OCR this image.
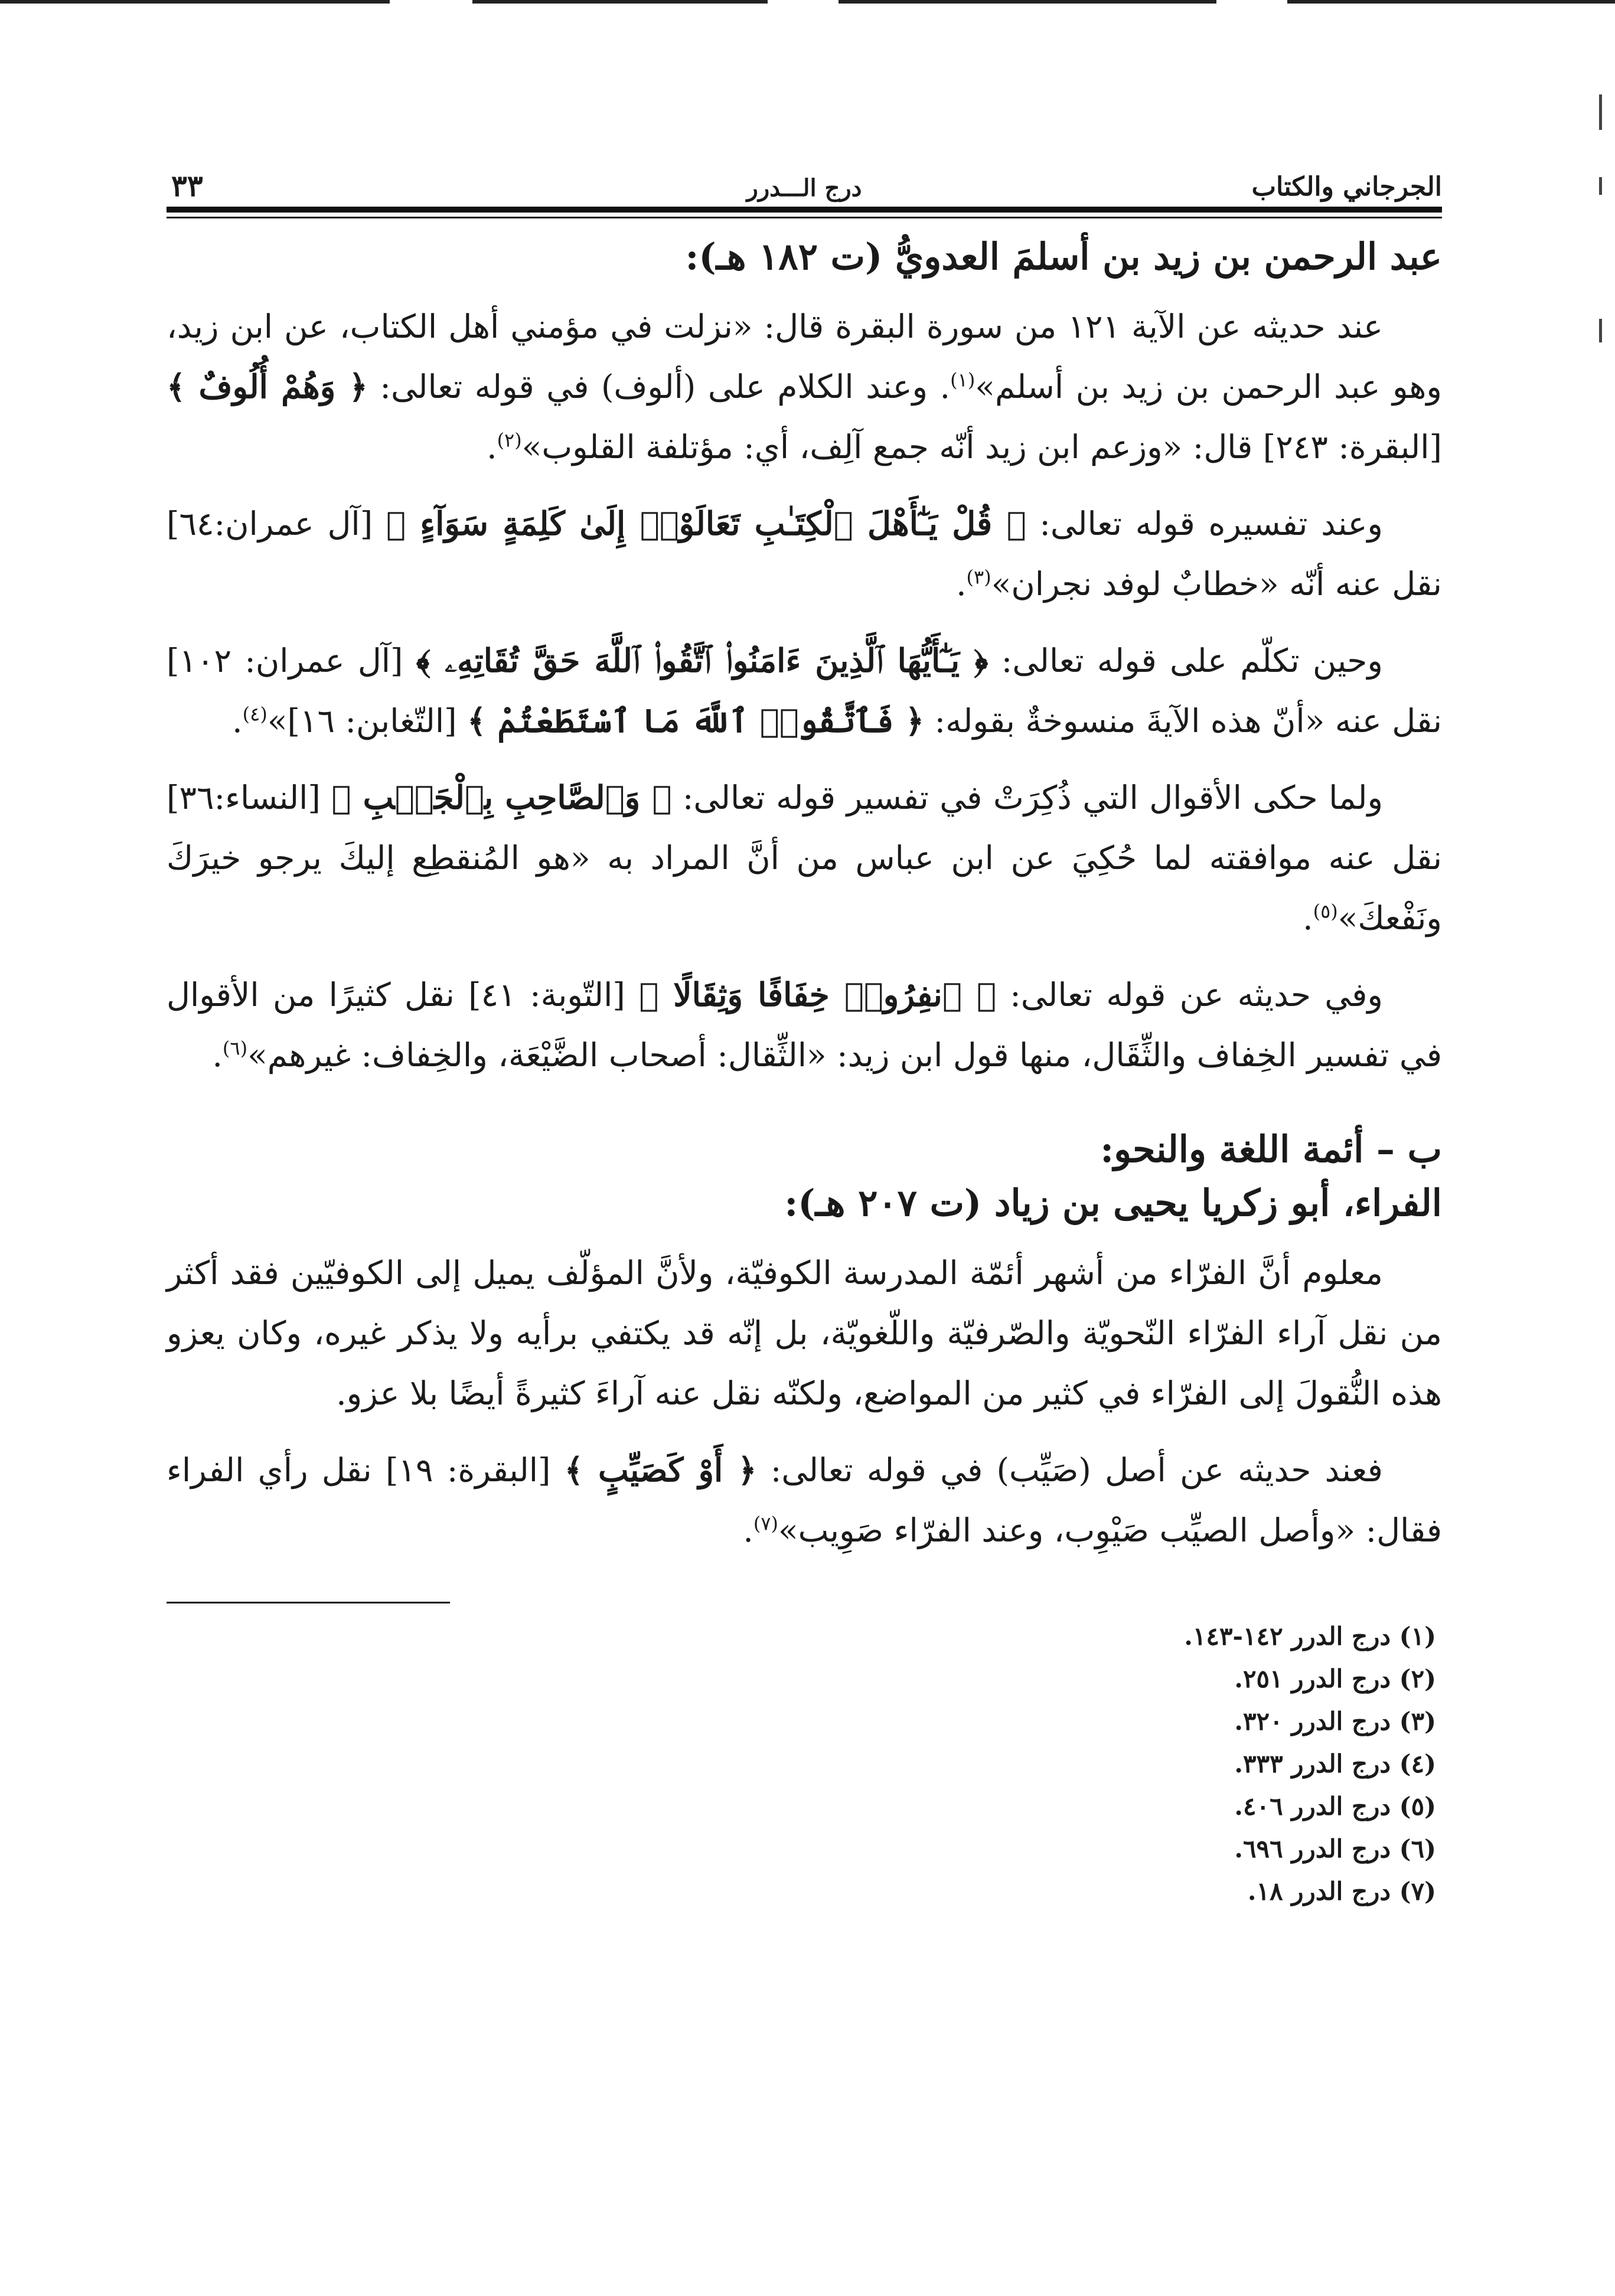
الجرجاني والكتاب
درج الـــدرر
٣٣
عبد الرحمن بن زيد بن أسلمَ العدويُّ (ت ١٨٢ هـ):

عند حديثه عن الآية ١٢١ من سورة البقرة قال: «نزلت في مؤمني أهل الكتاب، عن ابن زيد، وهو عبد الرحمن بن زيد بن أسلم»$^{(١)}$. وعند الكلام على (ألوف) في قوله تعالى: ﴿ وَهُمْ أُلُوفٌ ﴾ [البقرة: ٢٤٣] قال: «وزعم ابن زيد أنّه جمع آلِف، أي: مؤتلفة القلوب»$^{(٢)}$.

وعند تفسيره قوله تعالى: ﴿ قُلْ يَـٰٓأَهْلَ ٱلْكِتَـٰبِ تَعَالَوْا۟ إِلَىٰ كَلِمَةٍ سَوَآءٍ ﴾ [آل عمران:٦٤] نقل عنه أنّه «خطابٌ لوفد نجران»$^{(٣)}$.

وحين تكلّم على قوله تعالى: ﴿ يَـٰٓأَيُّهَا ٱلَّذِينَ ءَامَنُوا۟ ٱتَّقُوا۟ ٱللَّهَ حَقَّ تُقَاتِهِۦ ﴾ [آل عمران: ١٠٢] نقل عنه «أنّ هذه الآيةَ منسوخةٌ بقوله: ﴿ فَٱتَّقُوا۟ ٱللَّهَ مَا ٱسْتَطَعْتُمْ ﴾ [التّغابن: ١٦]»$^{(٤)}$.

ولما حكى الأقوال التي ذُكِرَتْ في تفسير قوله تعالى: ﴿ وَٱلصَّاحِبِ بِٱلْجَنۢبِ ﴾ [النساء:٣٦] نقل عنه موافقته لما حُكِيَ عن ابن عباس من أنَّ المراد به «هو المُنقطِع إليكَ يرجو خيرَكَ ونَفْعكَ»$^{(٥)}$.

وفي حديثه عن قوله تعالى: ﴿ ٱنفِرُوا۟ خِفَافًا وَثِقَالًا ﴾ [التّوبة: ٤١] نقل كثيرًا من الأقوال في تفسير الخِفاف والثِّقَال، منها قول ابن زيد: «الثِّقال: أصحاب الضَّيْعَة، والخِفاف: غيرهم»$^{(٦)}$.

ب – أئمة اللغة والنحو:
الفراء، أبو زكريا يحيى بن زياد (ت ٢٠٧ هـ):

معلوم أنَّ الفرّاء من أشهر أئمّة المدرسة الكوفيّة، ولأنَّ المؤلّف يميل إلى الكوفيّين فقد أكثر من نقل آراء الفرّاء النّحويّة والصّرفيّة واللّغويّة، بل إنّه قد يكتفي برأيه ولا يذكر غيره، وكان يعزو هذه النُّقولَ إلى الفرّاء في كثير من المواضع، ولكنّه نقل عنه آراءَ كثيرةً أيضًا بلا عزو.

فعند حديثه عن أصل (صَيِّب) في قوله تعالى: ﴿ أَوْ كَصَيِّبٍ ﴾ [البقرة: ١٩] نقل رأي الفراء فقال: «وأصل الصيِّب صَيْوِب، وعند الفرّاء صَوِيب»$^{(٧)}$.

(١) درج الدرر ١٤٢-١٤٣.
(٢) درج الدرر ٢٥١.
(٣) درج الدرر ٣٢٠.
(٤) درج الدرر ٣٣٣.
(٥) درج الدرر ٤٠٦.
(٦) درج الدرر ٦٩٦.
(٧) درج الدرر ١٨.
